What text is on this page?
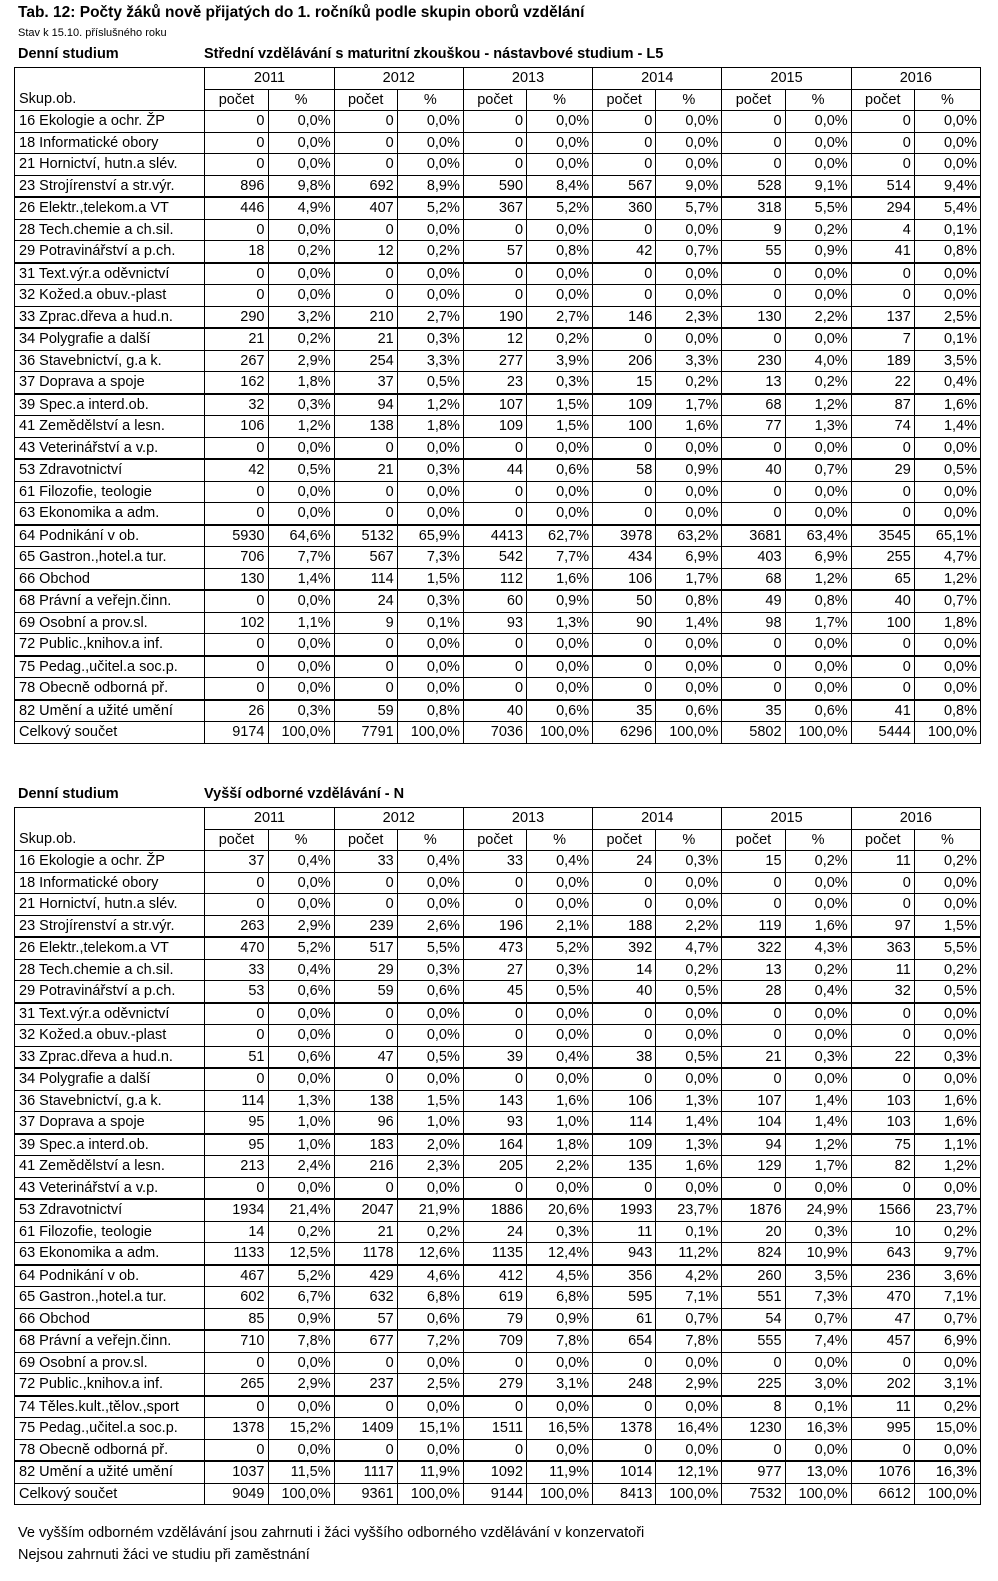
Tab. 12: Počty žáků nově přijatých do 1. ročníků podle skupin oborů vzdělání
Stav k 15.10. příslušného roku
Denní studium	Střední vzdělávání s maturitní zkouškou - nástavbové studium - L5
	2011		2012		2013		2014		2015		2016	
Skup.ob.	počet	%	počet	%	počet	%	počet	%	počet	%	počet	%
16 Ekologie a ochr. ŽP	0	0,0%	0	0,0%	0	0,0%	0	0,0%	0	0,0%	0	0,0%
18 Informatické obory	0	0,0%	0	0,0%	0	0,0%	0	0,0%	0	0,0%	0	0,0%
21 Hornictví, hutn.a slév.	0	0,0%	0	0,0%	0	0,0%	0	0,0%	0	0,0%	0	0,0%
23 Strojírenství a str.výr.	896	9,8%	692	8,9%	590	8,4%	567	9,0%	528	9,1%	514	9,4%
26 Elektr.,telekom.a VT	446	4,9%	407	5,2%	367	5,2%	360	5,7%	318	5,5%	294	5,4%
28 Tech.chemie a ch.sil.	0	0,0%	0	0,0%	0	0,0%	0	0,0%	9	0,2%	4	0,1%
29 Potravinářství a p.ch.	18	0,2%	12	0,2%	57	0,8%	42	0,7%	55	0,9%	41	0,8%
31 Text.výr.a oděvnictví	0	0,0%	0	0,0%	0	0,0%	0	0,0%	0	0,0%	0	0,0%
32 Kožed.a obuv.-plast	0	0,0%	0	0,0%	0	0,0%	0	0,0%	0	0,0%	0	0,0%
33 Zprac.dřeva a hud.n.	290	3,2%	210	2,7%	190	2,7%	146	2,3%	130	2,2%	137	2,5%
34 Polygrafie a další	21	0,2%	21	0,3%	12	0,2%	0	0,0%	0	0,0%	7	0,1%
36 Stavebnictví, g.a k.	267	2,9%	254	3,3%	277	3,9%	206	3,3%	230	4,0%	189	3,5%
37 Doprava a spoje	162	1,8%	37	0,5%	23	0,3%	15	0,2%	13	0,2%	22	0,4%
39 Spec.a interd.ob.	32	0,3%	94	1,2%	107	1,5%	109	1,7%	68	1,2%	87	1,6%
41 Zemědělství a lesn.	106	1,2%	138	1,8%	109	1,5%	100	1,6%	77	1,3%	74	1,4%
43 Veterinářství a v.p.	0	0,0%	0	0,0%	0	0,0%	0	0,0%	0	0,0%	0	0,0%
53 Zdravotnictví	42	0,5%	21	0,3%	44	0,6%	58	0,9%	40	0,7%	29	0,5%
61 Filozofie, teologie	0	0,0%	0	0,0%	0	0,0%	0	0,0%	0	0,0%	0	0,0%
63 Ekonomika a adm.	0	0,0%	0	0,0%	0	0,0%	0	0,0%	0	0,0%	0	0,0%
64 Podnikání v ob.	5930	64,6%	5132	65,9%	4413	62,7%	3978	63,2%	3681	63,4%	3545	65,1%
65 Gastron.,hotel.a tur.	706	7,7%	567	7,3%	542	7,7%	434	6,9%	403	6,9%	255	4,7%
66 Obchod	130	1,4%	114	1,5%	112	1,6%	106	1,7%	68	1,2%	65	1,2%
68 Právní a veřejn.činn.	0	0,0%	24	0,3%	60	0,9%	50	0,8%	49	0,8%	40	0,7%
69 Osobní a prov.sl.	102	1,1%	9	0,1%	93	1,3%	90	1,4%	98	1,7%	100	1,8%
72 Public.,knihov.a inf.	0	0,0%	0	0,0%	0	0,0%	0	0,0%	0	0,0%	0	0,0%
75 Pedag.,učitel.a soc.p.	0	0,0%	0	0,0%	0	0,0%	0	0,0%	0	0,0%	0	0,0%
78 Obecně odborná př.	0	0,0%	0	0,0%	0	0,0%	0	0,0%	0	0,0%	0	0,0%
82 Umění a užité umění	26	0,3%	59	0,8%	40	0,6%	35	0,6%	35	0,6%	41	0,8%
Celkový součet	9174	100,0%	7791	100,0%	7036	100,0%	6296	100,0%	5802	100,0%	5444	100,0%
Denní studium	Vyšší odborné vzdělávání - N
	2011		2012		2013		2014		2015		2016	
Skup.ob.	počet	%	počet	%	počet	%	počet	%	počet	%	počet	%
16 Ekologie a ochr. ŽP	37	0,4%	33	0,4%	33	0,4%	24	0,3%	15	0,2%	11	0,2%
18 Informatické obory	0	0,0%	0	0,0%	0	0,0%	0	0,0%	0	0,0%	0	0,0%
21 Hornictví, hutn.a slév.	0	0,0%	0	0,0%	0	0,0%	0	0,0%	0	0,0%	0	0,0%
23 Strojírenství a str.výr.	263	2,9%	239	2,6%	196	2,1%	188	2,2%	119	1,6%	97	1,5%
26 Elektr.,telekom.a VT	470	5,2%	517	5,5%	473	5,2%	392	4,7%	322	4,3%	363	5,5%
28 Tech.chemie a ch.sil.	33	0,4%	29	0,3%	27	0,3%	14	0,2%	13	0,2%	11	0,2%
29 Potravinářství a p.ch.	53	0,6%	59	0,6%	45	0,5%	40	0,5%	28	0,4%	32	0,5%
31 Text.výr.a oděvnictví	0	0,0%	0	0,0%	0	0,0%	0	0,0%	0	0,0%	0	0,0%
32 Kožed.a obuv.-plast	0	0,0%	0	0,0%	0	0,0%	0	0,0%	0	0,0%	0	0,0%
33 Zprac.dřeva a hud.n.	51	0,6%	47	0,5%	39	0,4%	38	0,5%	21	0,3%	22	0,3%
34 Polygrafie a další	0	0,0%	0	0,0%	0	0,0%	0	0,0%	0	0,0%	0	0,0%
36 Stavebnictví, g.a k.	114	1,3%	138	1,5%	143	1,6%	106	1,3%	107	1,4%	103	1,6%
37 Doprava a spoje	95	1,0%	96	1,0%	93	1,0%	114	1,4%	104	1,4%	103	1,6%
39 Spec.a interd.ob.	95	1,0%	183	2,0%	164	1,8%	109	1,3%	94	1,2%	75	1,1%
41 Zemědělství a lesn.	213	2,4%	216	2,3%	205	2,2%	135	1,6%	129	1,7%	82	1,2%
43 Veterinářství a v.p.	0	0,0%	0	0,0%	0	0,0%	0	0,0%	0	0,0%	0	0,0%
53 Zdravotnictví	1934	21,4%	2047	21,9%	1886	20,6%	1993	23,7%	1876	24,9%	1566	23,7%
61 Filozofie, teologie	14	0,2%	21	0,2%	24	0,3%	11	0,1%	20	0,3%	10	0,2%
63 Ekonomika a adm.	1133	12,5%	1178	12,6%	1135	12,4%	943	11,2%	824	10,9%	643	9,7%
64 Podnikání v ob.	467	5,2%	429	4,6%	412	4,5%	356	4,2%	260	3,5%	236	3,6%
65 Gastron.,hotel.a tur.	602	6,7%	632	6,8%	619	6,8%	595	7,1%	551	7,3%	470	7,1%
66 Obchod	85	0,9%	57	0,6%	79	0,9%	61	0,7%	54	0,7%	47	0,7%
68 Právní a veřejn.činn.	710	7,8%	677	7,2%	709	7,8%	654	7,8%	555	7,4%	457	6,9%
69 Osobní a prov.sl.	0	0,0%	0	0,0%	0	0,0%	0	0,0%	0	0,0%	0	0,0%
72 Public.,knihov.a inf.	265	2,9%	237	2,5%	279	3,1%	248	2,9%	225	3,0%	202	3,1%
74 Těles.kult.,tělov.,sport	0	0,0%	0	0,0%	0	0,0%	0	0,0%	8	0,1%	11	0,2%
75 Pedag.,učitel.a soc.p.	1378	15,2%	1409	15,1%	1511	16,5%	1378	16,4%	1230	16,3%	995	15,0%
78 Obecně odborná př.	0	0,0%	0	0,0%	0	0,0%	0	0,0%	0	0,0%	0	0,0%
82 Umění a užité umění	1037	11,5%	1117	11,9%	1092	11,9%	1014	12,1%	977	13,0%	1076	16,3%
Celkový součet	9049	100,0%	9361	100,0%	9144	100,0%	8413	100,0%	7532	100,0%	6612	100,0%
Ve vyšším odborném vzdělávání jsou zahrnuti i žáci vyššího odborného vzdělávání v konzervatoři
Nejsou zahrnuti žáci ve studiu při zaměstnání
